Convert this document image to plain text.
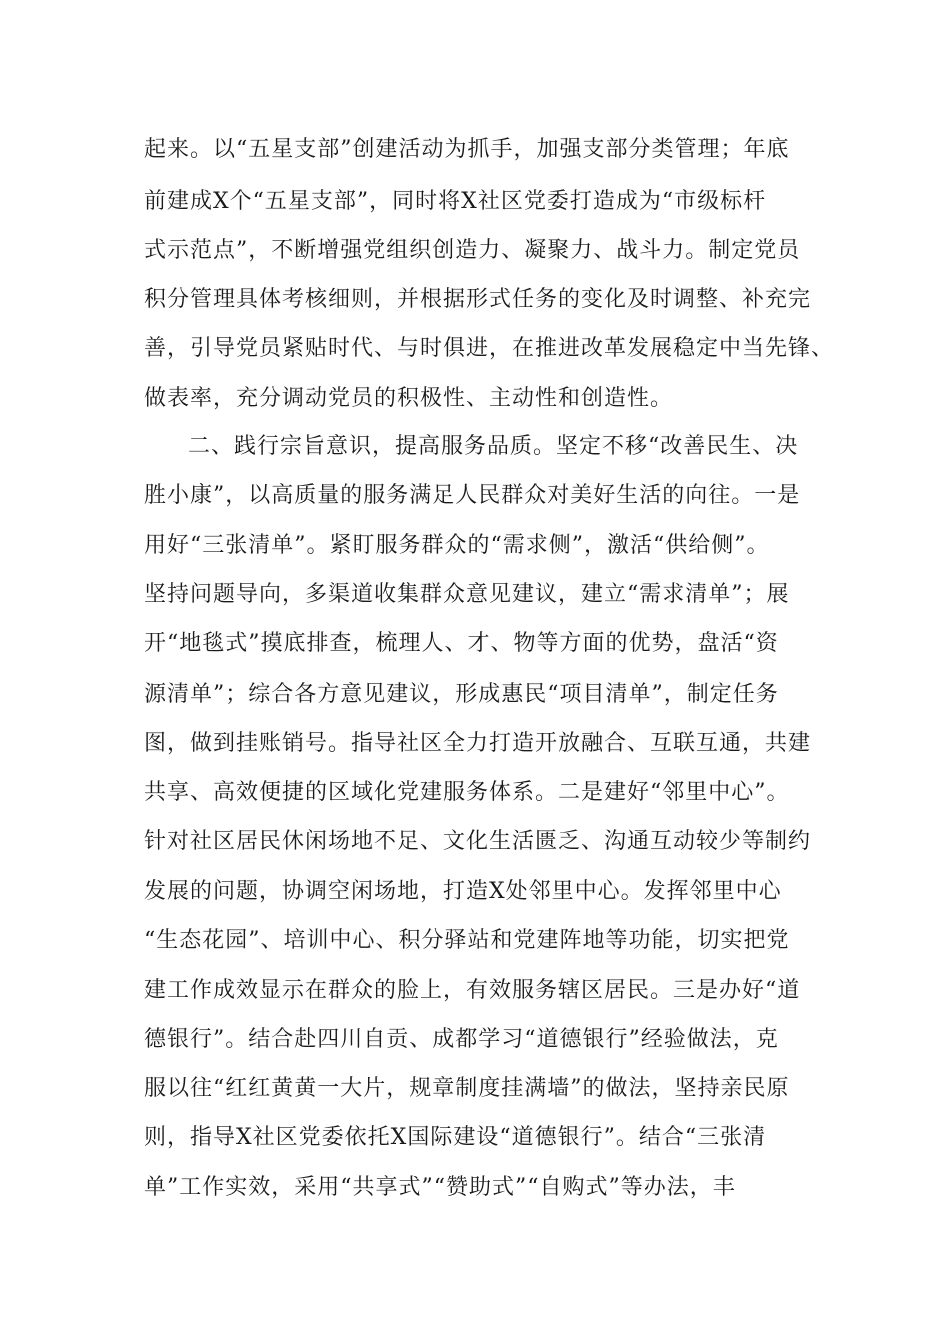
起来。以“五星支部”创建活动为抓手，加强支部分类管理；年底
前建成X个“五星支部”，同时将X社区党委打造成为“市级标杆
式示范点”，不断增强党组织创造力、凝聚力、战斗力。制定党员
积分管理具体考核细则，并根据形式任务的变化及时调整、补充完
善，引导党员紧贴时代、与时俱进，在推进改革发展稳定中当先锋、
做表率，充分调动党员的积极性、主动性和创造性。
二、践行宗旨意识，提高服务品质。坚定不移“改善民生、决
胜小康”，以高质量的服务满足人民群众对美好生活的向往。一是
用好“三张清单”。紧盯服务群众的“需求侧”，激活“供给侧”。
坚持问题导向，多渠道收集群众意见建议，建立“需求清单”；展
开“地毯式”摸底排查，梳理人、才、物等方面的优势，盘活“资
源清单”；综合各方意见建议，形成惠民“项目清单”，制定任务
图，做到挂账销号。指导社区全力打造开放融合、互联互通，共建
共享、高效便捷的区域化党建服务体系。二是建好“邻里中心”。
针对社区居民休闲场地不足、文化生活匮乏、沟通互动较少等制约
发展的问题，协调空闲场地，打造X处邻里中心。发挥邻里中心
“生态花园”、培训中心、积分驿站和党建阵地等功能，切实把党
建工作成效显示在群众的脸上，有效服务辖区居民。三是办好“道
德银行”。结合赴四川自贡、成都学习“道德银行”经验做法，克
服以往“红红黄黄一大片，规章制度挂满墙”的做法，坚持亲民原
则，指导X社区党委依托X国际建设“道德银行”。结合“三张清
单”工作实效，采用“共享式”“赞助式”“自购式”等办法，丰
